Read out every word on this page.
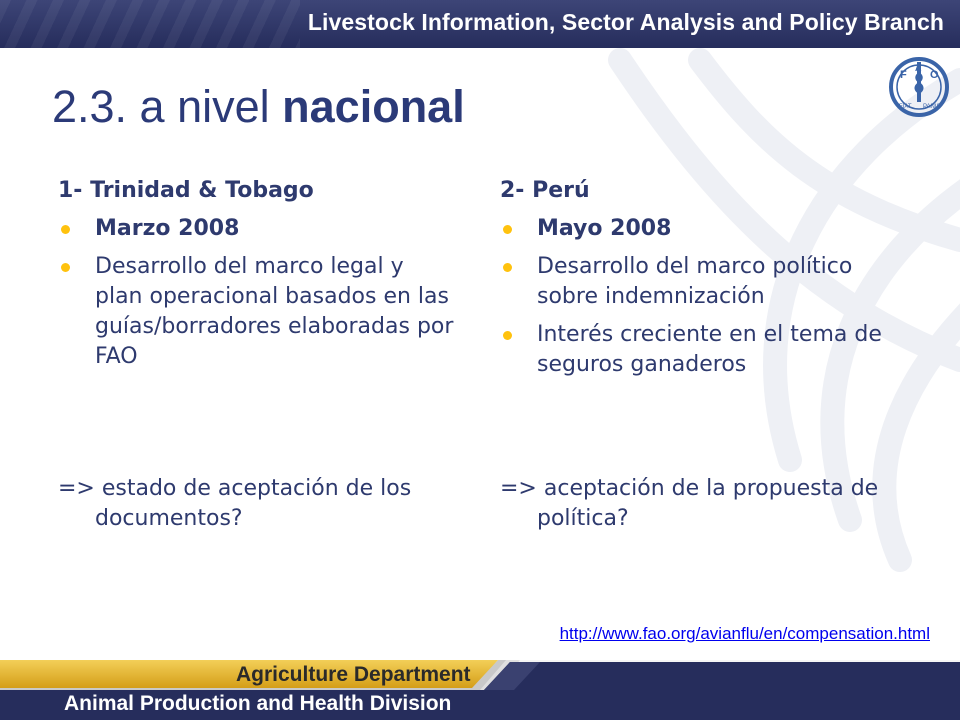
Livestock Information, Sector Analysis and Policy Branch
F
A
O
FIAT PANIS
2.3. a nivel nacional
1- Trinidad & Tobago
Marzo 2008
Desarrollo del marco legal y plan operacional basados en las guías/borradores elaboradas por FAO
2- Perú
Mayo 2008
Desarrollo del marco político sobre indemnización
Interés creciente en el tema de seguros ganaderos
=> estado de aceptación de los documentos?
=> aceptación de la propuesta de política?
http://www.fao.org/avianflu/en/compensation.html
Agriculture Department
Animal Production and Health Division
